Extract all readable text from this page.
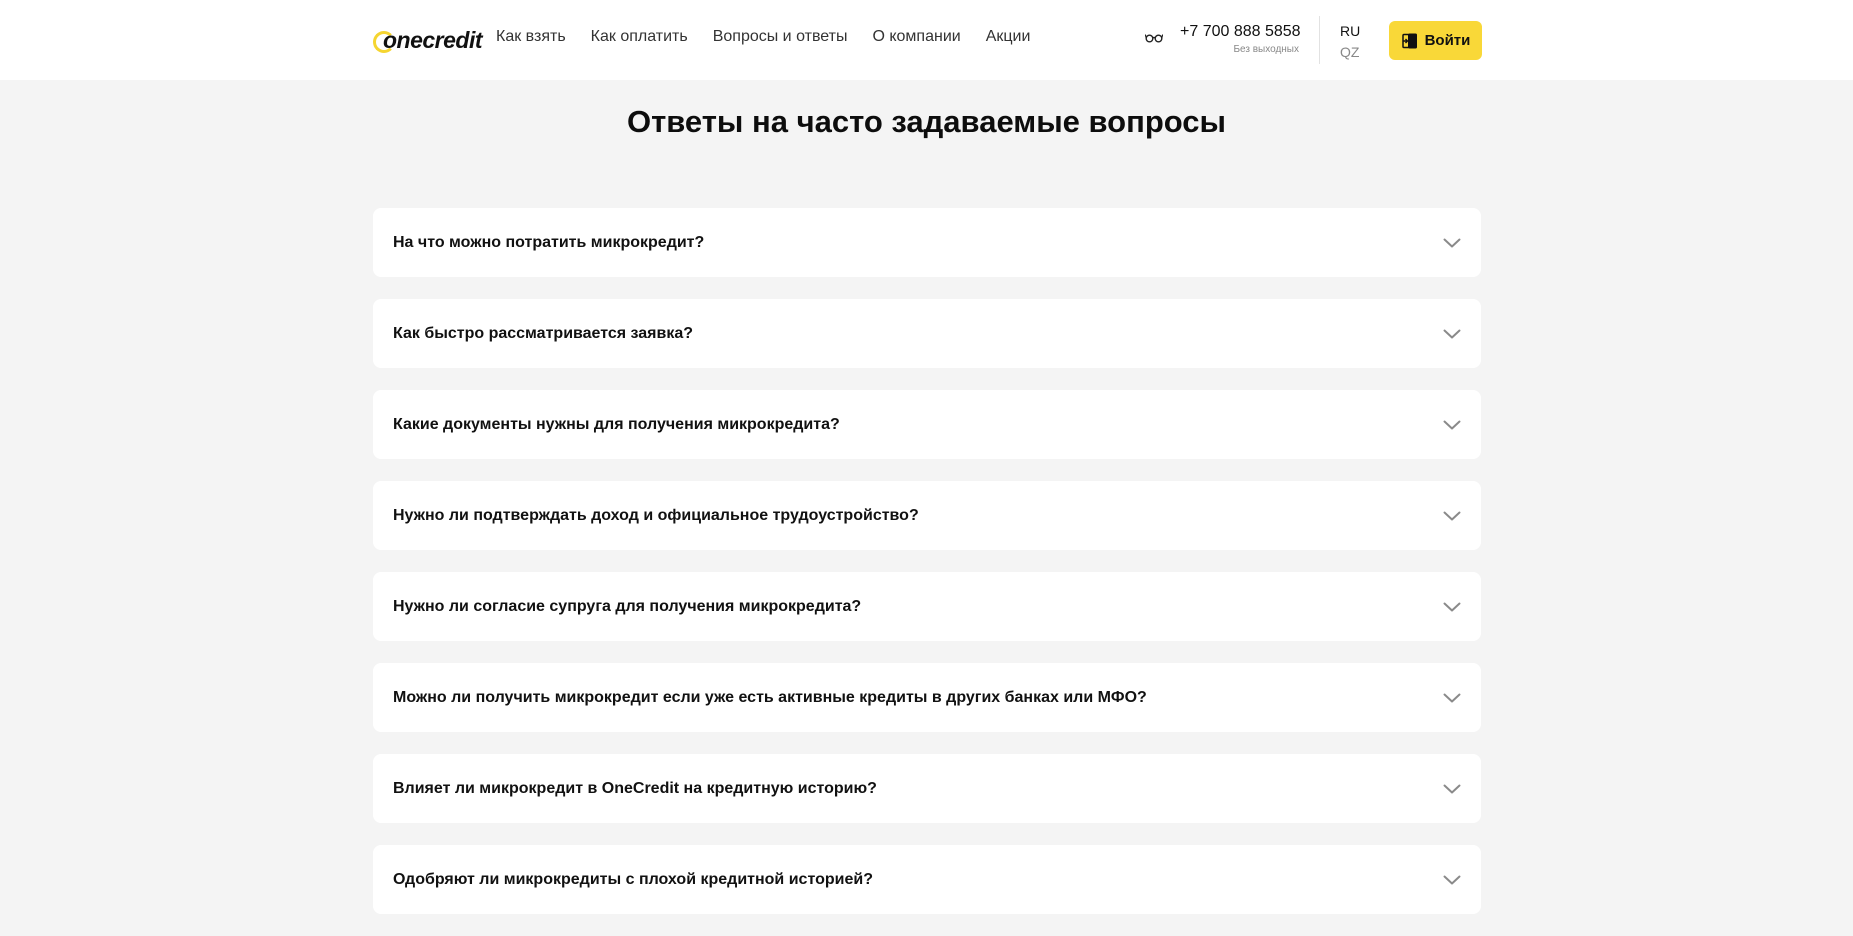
onecredit Как взять Как оплатить Вопросы и ответы О компании Акции	+7 700 888 5858
Без выходных
RU
QZ
Войти
Ответы на часто задаваемые вопросы
На что можно потратить микрокредит?
Как быстро рассматривается заявка?
Какие документы нужны для получения микрокредита?
Нужно ли подтверждать доход и официальное трудоустройство?
Нужно ли согласие супруга для получения микрокредита?
Можно ли получить микрокредит если уже есть активные кредиты в других банках или МФО?
Влияет ли микрокредит в OneCredit на кредитную историю?
Одобряют ли микрокредиты с плохой кредитной историей?
